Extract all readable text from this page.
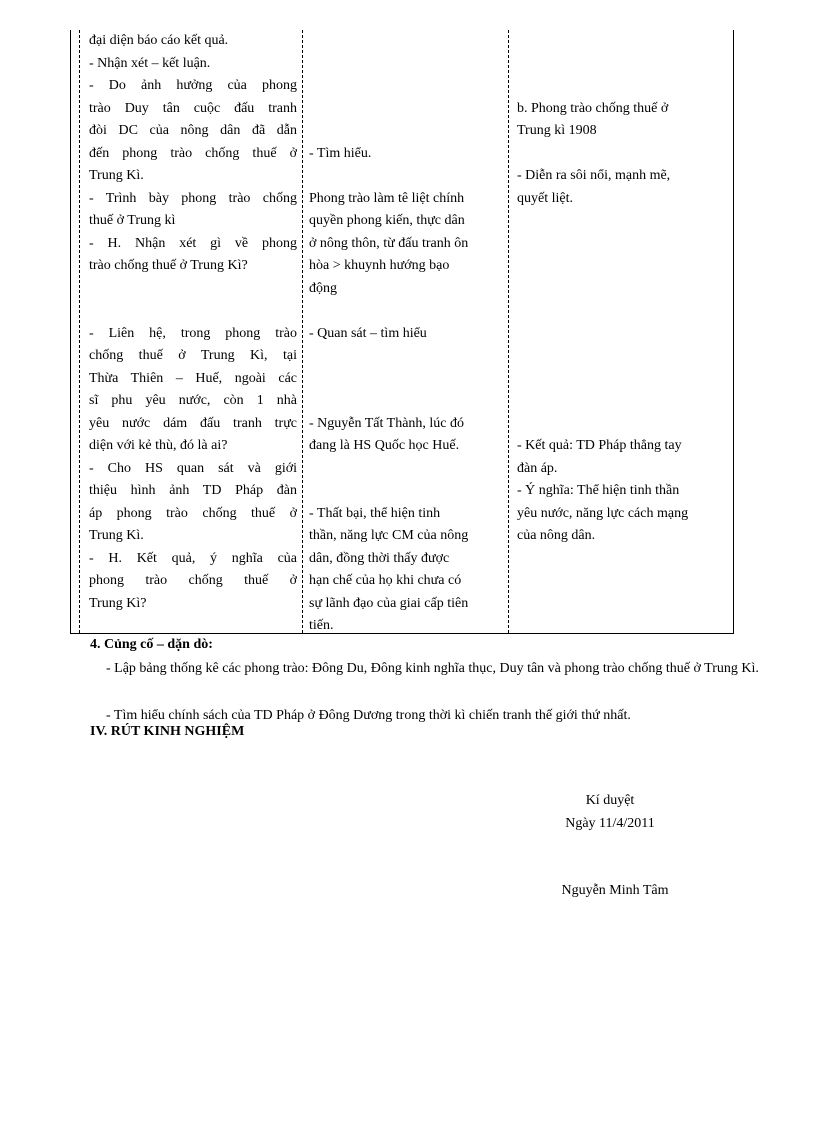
đại diện báo cáo kết quả.
- Nhận xét – kết luận.
- Do ảnh hưởng của phong
trào Duy tân cuộc đấu tranh
đòi DC của nông dân đã dẫn
đến phong trào chống thuế ở
Trung Kì.
- Trình bày phong trào chống
thuế ở Trung kì
- H. Nhận xét gì về phong
trào chống thuế ở Trung Kì?

- Liên hệ, trong phong trào
chống thuế ở Trung Kì, tại
Thừa Thiên – Huế, ngoài các
sĩ phu yêu nước, còn 1 nhà
yêu nước dám đấu tranh trực
diện với kẻ thù, đó là ai?
- Cho HS quan sát và giới
thiệu hình ảnh TD Pháp đàn
áp phong trào chống thuế ở
Trung Kì.
- H. Kết quả, ý nghĩa của
phong trào chống thuế ở
Trung Kì?

- Tìm hiểu.

Phong trào làm tê liệt chính
quyền phong kiến, thực dân
ở nông thôn, từ đấu tranh ôn
hòa > khuynh hướng bạo
động

- Quan sát – tìm hiểu

- Nguyễn Tất Thành, lúc đó
đang là HS Quốc học Huế.

- Thất bại, thể hiện tinh
thần, năng lực CM của nông
dân, đồng thời thấy được
hạn chế của họ khi chưa có
sự lãnh đạo của giai cấp tiên
tiến.

b. Phong trào chống thuế ở
Trung kì 1908

- Diễn ra sôi nổi, mạnh mẽ,
quyết liệt.

- Kết quả: TD Pháp thẳng tay
đàn áp.
- Ý nghĩa: Thể hiện tinh thần
yêu nước, năng lực cách mạng
của nông dân.
4. Củng cố – dặn dò:
- Lập bảng thống kê các phong trào: Đông Du, Đông kinh nghĩa thục, Duy tân và phong trào chống thuế ở Trung Kì.
- Tìm hiểu chính sách của TD Pháp ở Đông Dương trong thời kì chiến tranh thế giới thứ nhất.
IV. RÚT KINH NGHIỆM
Kí duyệt
Ngày 11/4/2011
Nguyễn Minh Tâm
